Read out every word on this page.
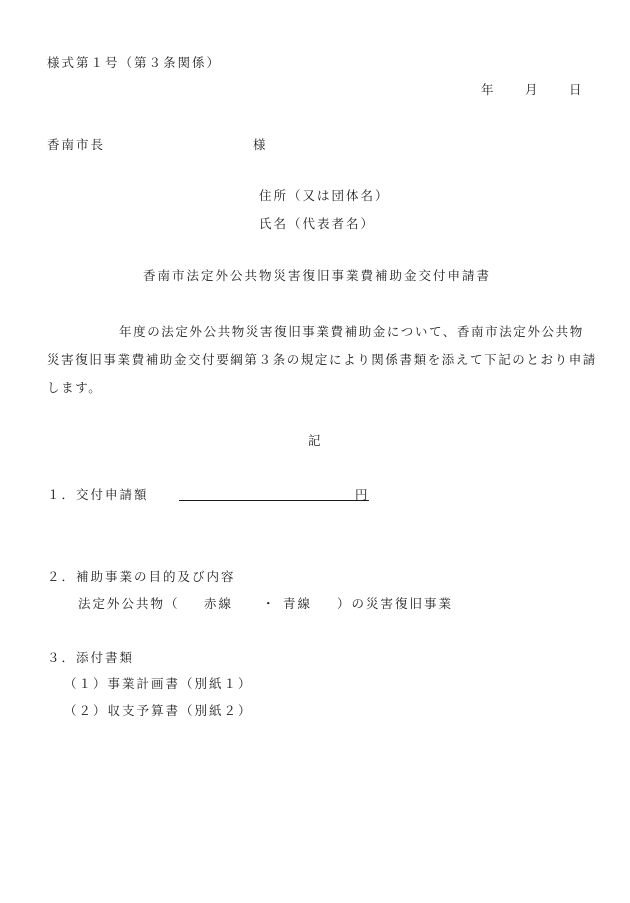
様式第１号（第３条関係）
年 月 日
香南市長	様
住所（又は団体名）
氏名（代表者名）
香南市法定外公共物災害復旧事業費補助金交付申請書
年度の法定外公共物災害復旧事業費補助金について、香南市法定外公共物災害復旧事業費補助金交付要綱第３条の規定により関係書類を添えて下記のとおり申請します。
記
１．交付申請額	円
２．補助事業の目的及び内容
法定外公共物（ 赤線 ・ 青線 ）の災害復旧事業
３．添付書類
（１）事業計画書（別紙１）
（２）収支予算書（別紙２）
